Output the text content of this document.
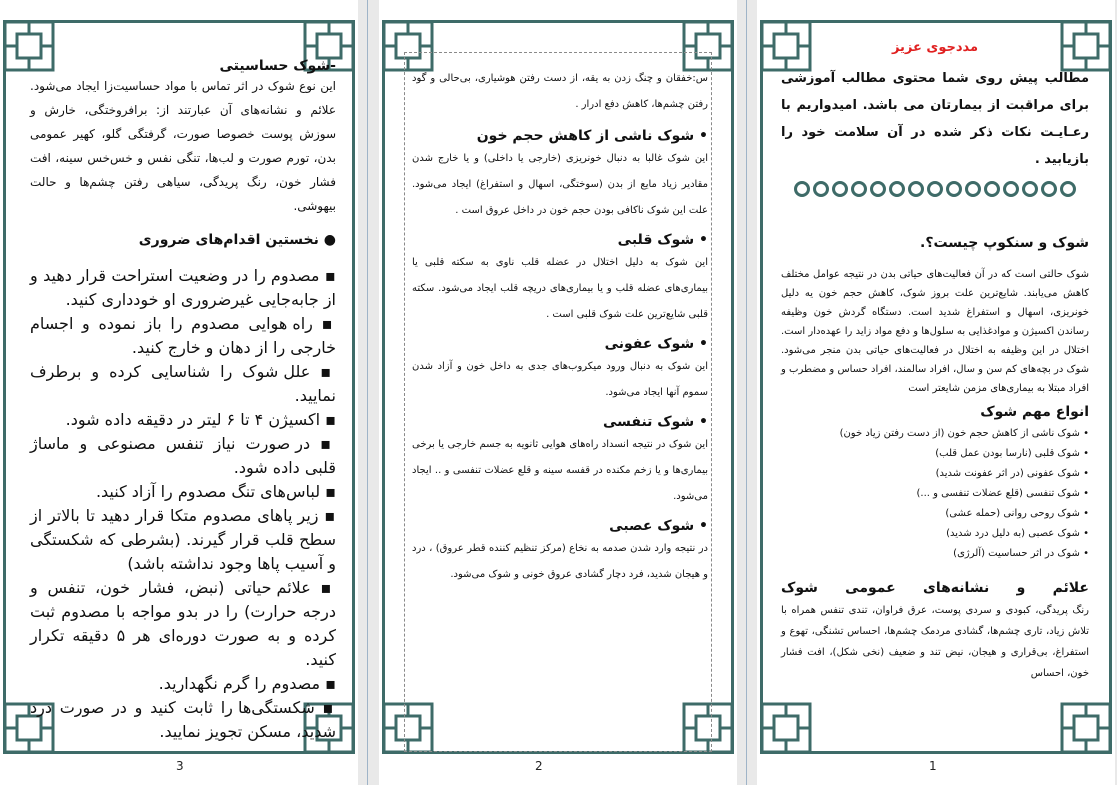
-شوک حساسیتی

این نوع شوک در اثر تماس با مواد حساسیت‌زا ایجاد می‌شود. علائم و نشانه‌های آن عبارتند از: برافروختگی، خارش و سوزش پوست خصوصا صورت، گرفتگی گلو، کهیر عمومی بدن، تورم صورت و لب‌ها، تنگی نفس و خس‌خس سینه، افت فشار خون، رنگ پریدگی، سیاهی رفتن چشم‌ها و حالت بیهوشی.

● نخستین اقدام‌های ضروری
▪ مصدوم را در وضعیت استراحت قرار دهید و از جابه‌جایی غیرضروری او خودداری کنید.
▪ راه هوایی مصدوم را باز نموده و اجسام خارجی را از دهان و خارج کنید.
▪ علل شوک را شناسایی کرده و برطرف نمایید.
▪ اکسیژن ۴ تا ۶ لیتر در دقیقه داده شود.
▪ در صورت نیاز تنفس مصنوعی و ماساژ قلبی داده شود.
▪ لباس‌های تنگ مصدوم را آزاد کنید.
▪ زیر پاهای مصدوم متکا قرار دهید تا بالاتر از سطح قلب قرار گیرند. (بشرطی که شکستگی و آسیب پاها وجود نداشته باشد)
▪ علائم حیاتی (نبض، فشار خون، تنفس و درجه حرارت) را در بدو مواجه با مصدوم ثبت کرده و به صورت دوره‌ای هر ۵ دقیقه تکرار کنید.
▪ مصدوم را گرم نگهدارید.
▪ شکستگی‌ها را ثابت کنید و در صورت درد شدید، مسکن تجویز نمایید.
3	2

س:خفقان و چنگ زدن به یقه، از دست رفتن هوشیاری، بی‌حالی و گود رفتن چشم‌ها، کاهش دفع ادرار .

• شوک ناشی از کاهش حجم خون

این شوک غالبا به دنبال خونریزی (خارجی یا داخلی) و یا خارج شدن مقادیر زیاد مایع از بدن (سوختگی، اسهال و استفراغ) ایجاد می‌شود. علت این شوک ناکافی بودن حجم خون در داخل عروق است .

• شوک قلبی

این شوک به دلیل اختلال در عضله قلب ناوی به سکته قلبی یا بیماری‌های عضله قلب و یا بیماری‌های دریچه قلب ایجاد می‌شود. سکته قلبی شایع‌ترین علت شوک قلبی است .

• شوک عفونی

این شوک به دنبال ورود میکروب‌های جدی به داخل خون و آزاد شدن سموم آنها ایجاد می‌شود.

• شوک تنفسی

این شوک در نتیجه انسداد راه‌های هوایی ثانویه به جسم خارجی یا برخی بیماری‌ها و یا زخم مکنده در قفسه سینه و قلع عضلات تنفسی و .. ایجاد می‌شود.

• شوک عصبی

در نتیجه وارد شدن صدمه به نخاع (مرکز تنظیم کننده قطر عروق) ، درد و هیجان شدید، فرد دچار گشادی عروق خونی و شوک می‌شود.

مددجوی عزیز
مطالب پیش روی شما محتوی مطالب آموزشی برای مراقبت از بیمارتان می باشد. امیدواریم با رعـایـت نکات ذکر شده در آن سلامت خود را بازیابید .
شوک و سنکوپ چیست؟.

شوک حالتی است که در آن فعالیت‌های حیاتی بدن در نتیجه عوامل مختلف کاهش می‌یابند. شایع‌ترین علت بروز شوک، کاهش حجم خون یه دلیل خونریزی، اسهال و استفراغ شدید است. دستگاه گردش خون وظیفه رساندن اکسیژن و موادغذایی به سلول‌ها و دفع مواد زاید را عهده‌دار است. اختلال در این وظیفه به اختلال در فعالیت‌های حیاتی بدن منجر می‌شود. شوک در بچه‌های کم سن و سال، افراد سالمند، افراد حساس و مضطرب و افراد مبتلا به بیماری‌های مزمن شایعتر است

انواع مهم شوک
• شوک ناشی از کاهش حجم خون (از دست رفتن زیاد خون)
• شوک قلبی (نارسا بودن عمل قلب)
• شوک عفونی (در اثر عفونت شدید)
• شوک تنفسی (قلع عضلات تنفسی و ...)
• شوک روحی روانی (حمله عشی)
• شوک عصبی (به دلیل درد شدید)
• شوک در اثر حساسیت (آلرژی)
علائم و نشانه‌های عمومی شوک

رنگ پریدگی، کبودی و سردی پوست، عرق فراوان، تندی تنفس همراه با تلاش زیاد، تاری چشم‌ها، گشادی مردمک چشم‌ها، احساس تشنگی، تهوع و استفراغ، بی‌قراری و هیجان، نیض تند و ضعیف (نخی شکل)، افت فشار خون، احساس

1
